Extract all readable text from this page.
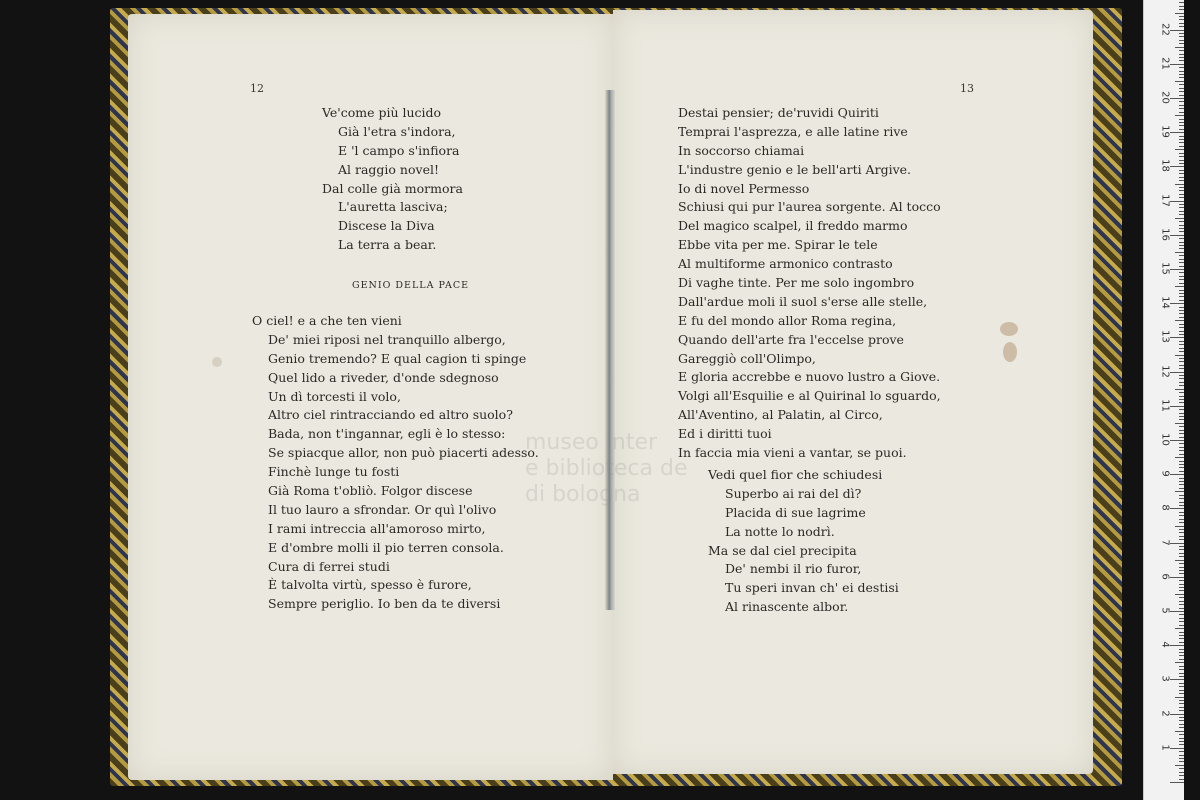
12	13
Ve'come più lucido
Già l'etra s'indora,
E 'l campo s'infiora
Al raggio novel!
Dal colle già mormora
L'auretta lasciva;
Discese la Diva
La terra a bear.
GENIO DELLA PACE
O ciel! e a che ten vieni
De' miei riposi nel tranquillo albergo,
Genio tremendo? E qual cagion ti spinge
Quel lido a riveder, d'onde sdegnoso
Un dì torcesti il volo,
Altro ciel rintracciando ed altro suolo?
Bada, non t'ingannar, egli è lo stesso:
Se spiacque allor, non può piacerti adesso.
Finchè lunge tu fosti
Già Roma t'obliò. Folgor discese
Il tuo lauro a sfrondar. Or quì l'olivo
I rami intreccia all'amoroso mirto,
E d'ombre molli il pio terren consola.
Cura di ferrei studi
È talvolta virtù, spesso è furore,
Sempre periglio. Io ben da te diversi
Destai pensier; de'ruvidi Quiriti
Temprai l'asprezza, e alle latine rive
In soccorso chiamai
L'industre genio e le bell'arti Argive.
Io di novel Permesso
Schiusi qui pur l'aurea sorgente. Al tocco
Del magico scalpel, il freddo marmo
Ebbe vita per me. Spirar le tele
Al multiforme armonico contrasto
Di vaghe tinte. Per me solo ingombro
Dall'ardue moli il suol s'erse alle stelle,
E fu del mondo allor Roma regina,
Quando dell'arte fra l'eccelse prove
Gareggiò coll'Olimpo,
E gloria accrebbe e nuovo lustro a Giove.
Volgi all'Esquilie e al Quirinal lo sguardo,
All'Aventino, al Palatin, al Circo,
Ed i diritti tuoi
In faccia mia vieni a vantar, se puoi.
Vedi quel fior che schiudesi
Superbo ai rai del dì?
Placida di sue lagrime
La notte lo nodrì.
Ma se dal ciel precipita
De' nembi il rio furor,
Tu speri invan ch' ei destisi
Al rinascente albor.
museo inter
e biblioteca de
di bologna
1
2
3
4
5
6
7
8
9
10
11
12
13
14
15
16
17
18
19
20
21
22
